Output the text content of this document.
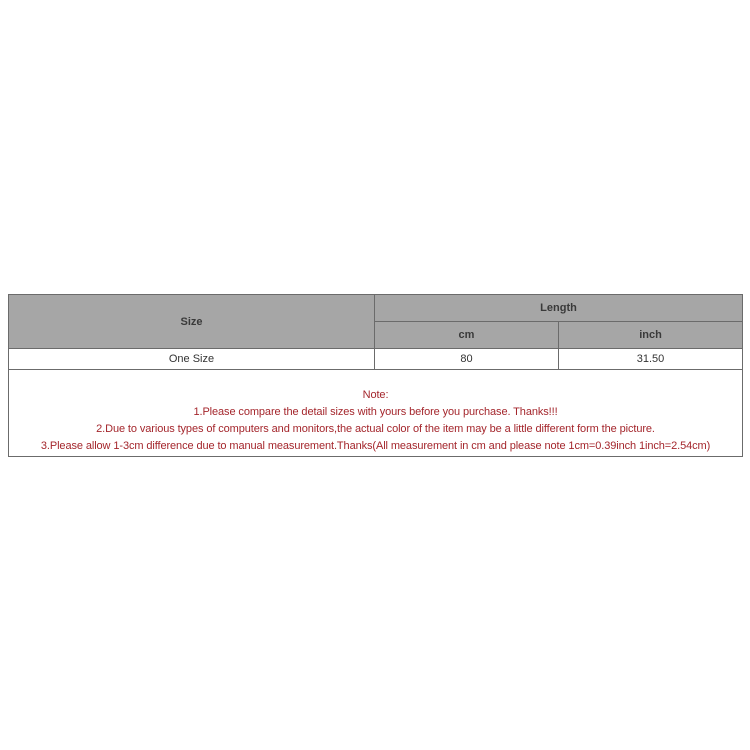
Size	Length	
	cm	inch
One Size	80	31.50

Note:
1.Please compare the detail sizes with yours before you purchase. Thanks!!!
2.Due to various types of computers and monitors,the actual color of the item may be a little different form the picture.
3.Please allow 1-3cm difference due to manual measurement.Thanks(All measurement in cm and please note 1cm=0.39inch 1inch=2.54cm)		
